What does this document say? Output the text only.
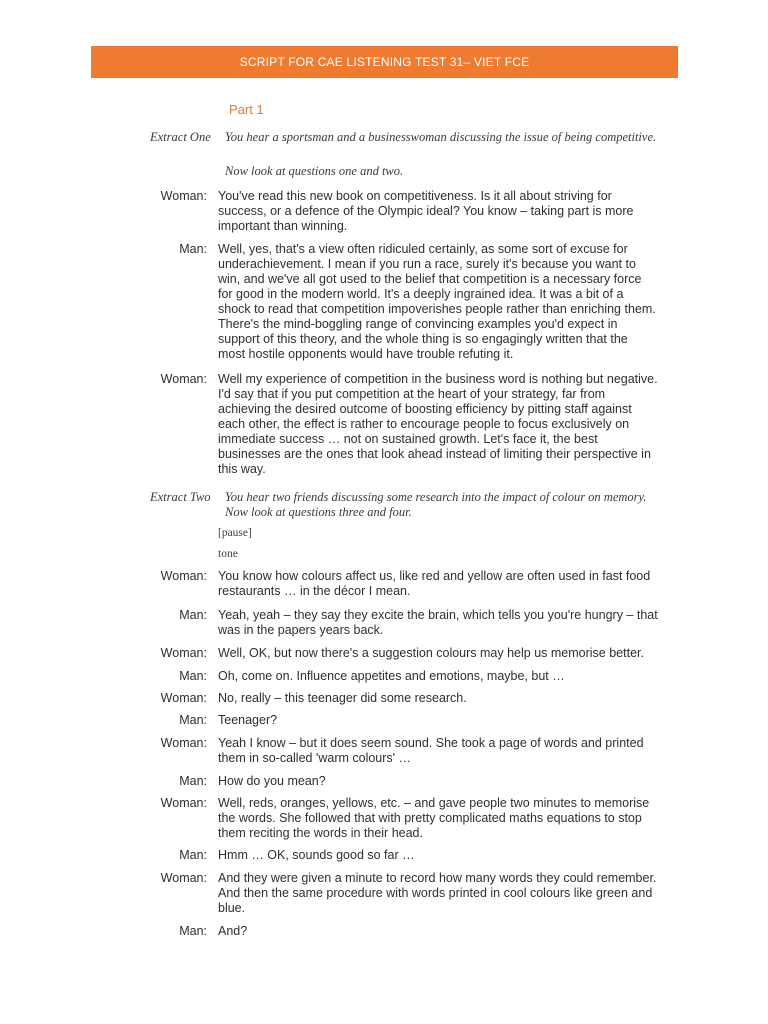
SCRIPT FOR CAE LISTENING TEST 31– VIET FCE
Part 1
Extract One	You hear a sportsman and a businesswoman discussing the issue of being competitive.
Now look at questions one and two.
Woman: You've read this new book on competitiveness. Is it all about striving for success, or a defence of the Olympic ideal? You know – taking part is more important than winning.
Man: Well, yes, that's a view often ridiculed certainly, as some sort of excuse for underachievement. I mean if you run a race, surely it's because you want to win, and we've all got used to the belief that competition is a necessary force for good in the modern world. It's a deeply ingrained idea. It was a bit of a shock to read that competition impoverishes people rather than enriching them. There's the mind-boggling range of convincing examples you'd expect in support of this theory, and the whole thing is so engagingly written that the most hostile opponents would have trouble refuting it.
Woman: Well my experience of competition in the business word is nothing but negative. I'd say that if you put competition at the heart of your strategy, far from achieving the desired outcome of boosting efficiency by pitting staff against each other, the effect is rather to encourage people to focus exclusively on immediate success … not on sustained growth. Let's face it, the best businesses are the ones that look ahead instead of limiting their perspective in this way.
Extract Two	You hear two friends discussing some research into the impact of colour on memory.
Now look at questions three and four.
[pause]
tone
Woman: You know how colours affect us, like red and yellow are often used in fast food restaurants … in the décor I mean.
Man: Yeah, yeah – they say they excite the brain, which tells you you're hungry – that was in the papers years back.
Woman: Well, OK, but now there's a suggestion colours may help us memorise better.
Man: Oh, come on. Influence appetites and emotions, maybe, but …
Woman: No, really – this teenager did some research.
Man: Teenager?
Woman: Yeah I know – but it does seem sound. She took a page of words and printed them in so-called 'warm colours' …
Man: How do you mean?
Woman: Well, reds, oranges, yellows, etc. – and gave people two minutes to memorise the words. She followed that with pretty complicated maths equations to stop them reciting the words in their head.
Man: Hmm … OK, sounds good so far …
Woman: And they were given a minute to record how many words they could remember. And then the same procedure with words printed in cool colours like green and blue.
Man: And?
